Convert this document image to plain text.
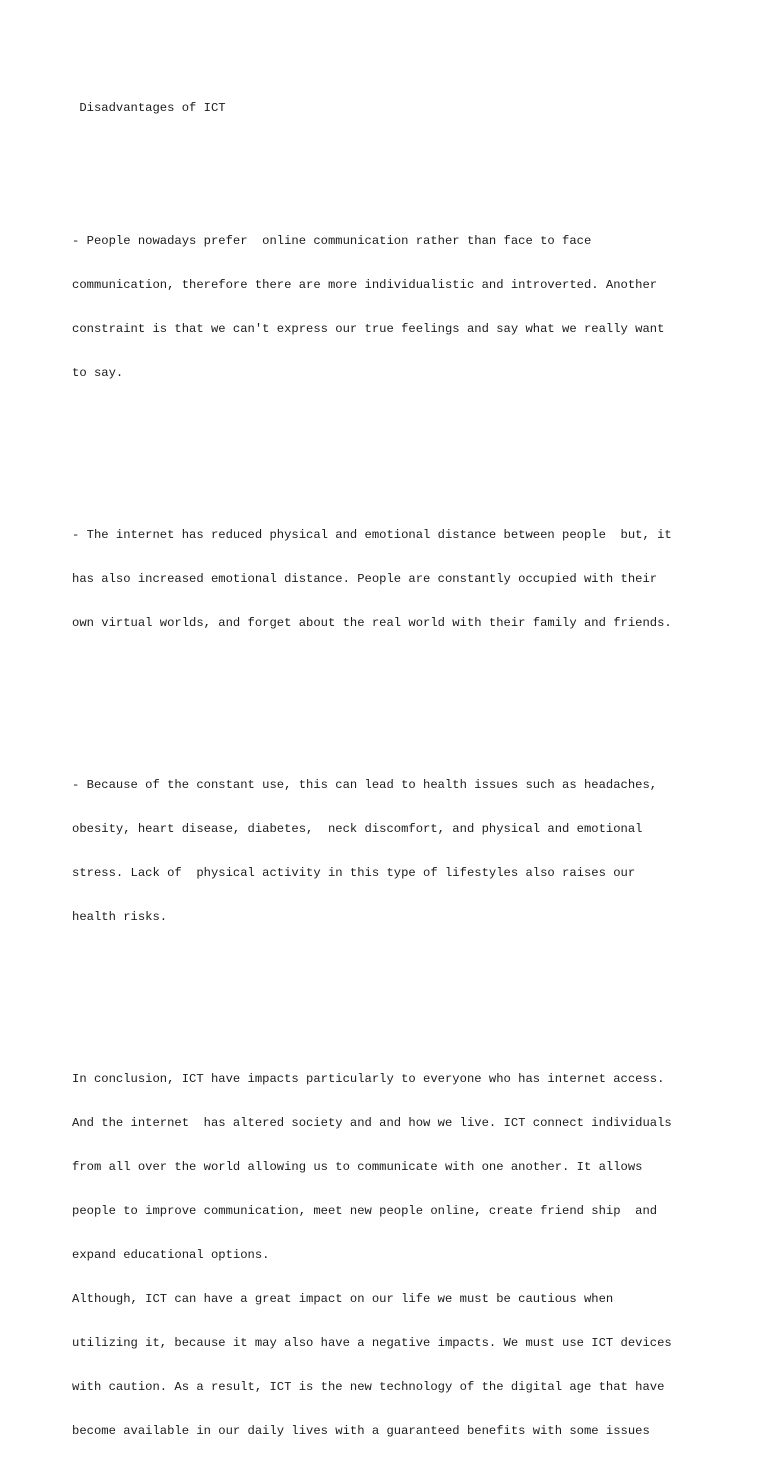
Disadvantages of ICT

- People nowadays prefer  online communication rather than face to face

communication, therefore there are more individualistic and introverted. Another

constraint is that we can't express our true feelings and say what we really want

to say.

- The internet has reduced physical and emotional distance between people  but, it

has also increased emotional distance. People are constantly occupied with their

own virtual worlds, and forget about the real world with their family and friends.

- Because of the constant use, this can lead to health issues such as headaches,

obesity, heart disease, diabetes,  neck discomfort, and physical and emotional

stress. Lack of  physical activity in this type of lifestyles also raises our

health risks.

In conclusion, ICT have impacts particularly to everyone who has internet access.

And the internet  has altered society and and how we live. ICT connect individuals

from all over the world allowing us to communicate with one another. It allows

people to improve communication, meet new people online, create friend ship  and

expand educational options.

Although, ICT can have a great impact on our life we must be cautious when

utilizing it, because it may also have a negative impacts. We must use ICT devices

with caution. As a result, ICT is the new technology of the digital age that have

become available in our daily lives with a guaranteed benefits with some issues
